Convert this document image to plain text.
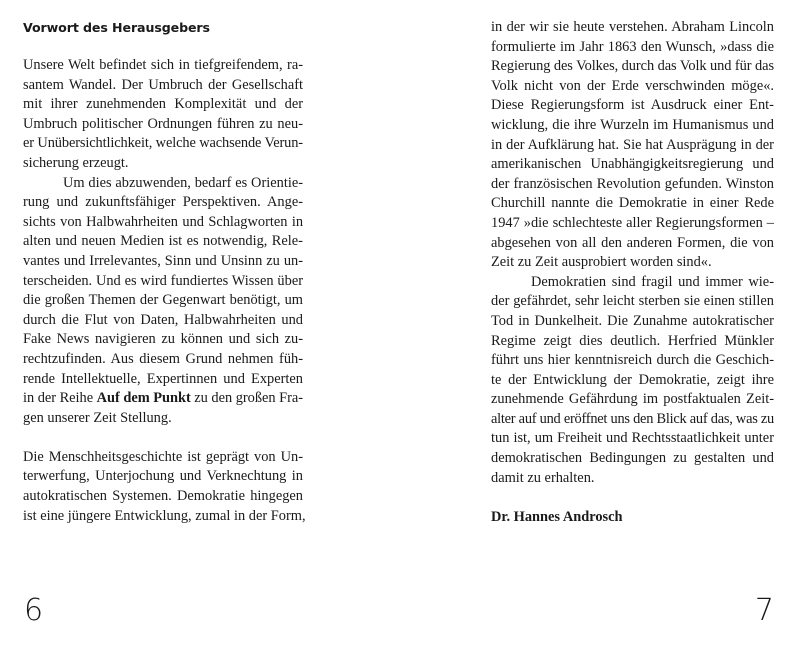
Vorwort des Herausgebers
Unsere Welt befindet sich in tiefgreifendem, ra-
santem Wandel. Der Umbruch der Gesellschaft
mit ihrer zunehmenden Komplexität und der
Umbruch politischer Ordnungen führen zu neu-
er Unübersichtlichkeit, welche wachsende Verun-
sicherung erzeugt.
Um dies abzuwenden, bedarf es Orientie-
rung und zukunftsfähiger Perspektiven. Ange-
sichts von Halbwahrheiten und Schlagworten in
alten und neuen Medien ist es notwendig, Rele-
vantes und Irrelevantes, Sinn und Unsinn zu un-
terscheiden. Und es wird fundiertes Wissen über
die großen Themen der Gegenwart benötigt, um
durch die Flut von Daten, Halbwahrheiten und
Fake News navigieren zu können und sich zu-
rechtzufinden. Aus diesem Grund nehmen füh-
rende Intellektuelle, Expertinnen und Experten
in der Reihe Auf dem Punkt zu den großen Fra-
gen unserer Zeit Stellung.
Die Menschheitsgeschichte ist geprägt von Un-
terwerfung, Unterjochung und Verknechtung in
autokratischen Systemen. Demokratie hingegen
ist eine jüngere Entwicklung, zumal in der Form,
6
in der wir sie heute verstehen. Abraham Lincoln
formulierte im Jahr 1863 den Wunsch, »dass die
Regierung des Volkes, durch das Volk und für das
Volk nicht von der Erde verschwinden möge«.
Diese Regierungsform ist Ausdruck einer Ent-
wicklung, die ihre Wurzeln im Humanismus und
in der Aufklärung hat. Sie hat Ausprägung in der
amerikanischen Unabhängigkeitsregierung und
der französischen Revolution gefunden. Winston
Churchill nannte die Demokratie in einer Rede
1947 »die schlechteste aller Regierungsformen –
abgesehen von all den anderen Formen, die von
Zeit zu Zeit ausprobiert worden sind«.
Demokratien sind fragil und immer wie-
der gefährdet, sehr leicht sterben sie einen stillen
Tod in Dunkelheit. Die Zunahme autokratischer
Regime zeigt dies deutlich. Herfried Münkler
führt uns hier kenntnisreich durch die Geschich-
te der Entwicklung der Demokratie, zeigt ihre
zunehmende Gefährdung im postfaktualen Zeit-
alter auf und eröffnet uns den Blick auf das, was zu
tun ist, um Freiheit und Rechtsstaatlichkeit unter
demokratischen Bedingungen zu gestalten und
damit zu erhalten.
Dr. Hannes Androsch
7
